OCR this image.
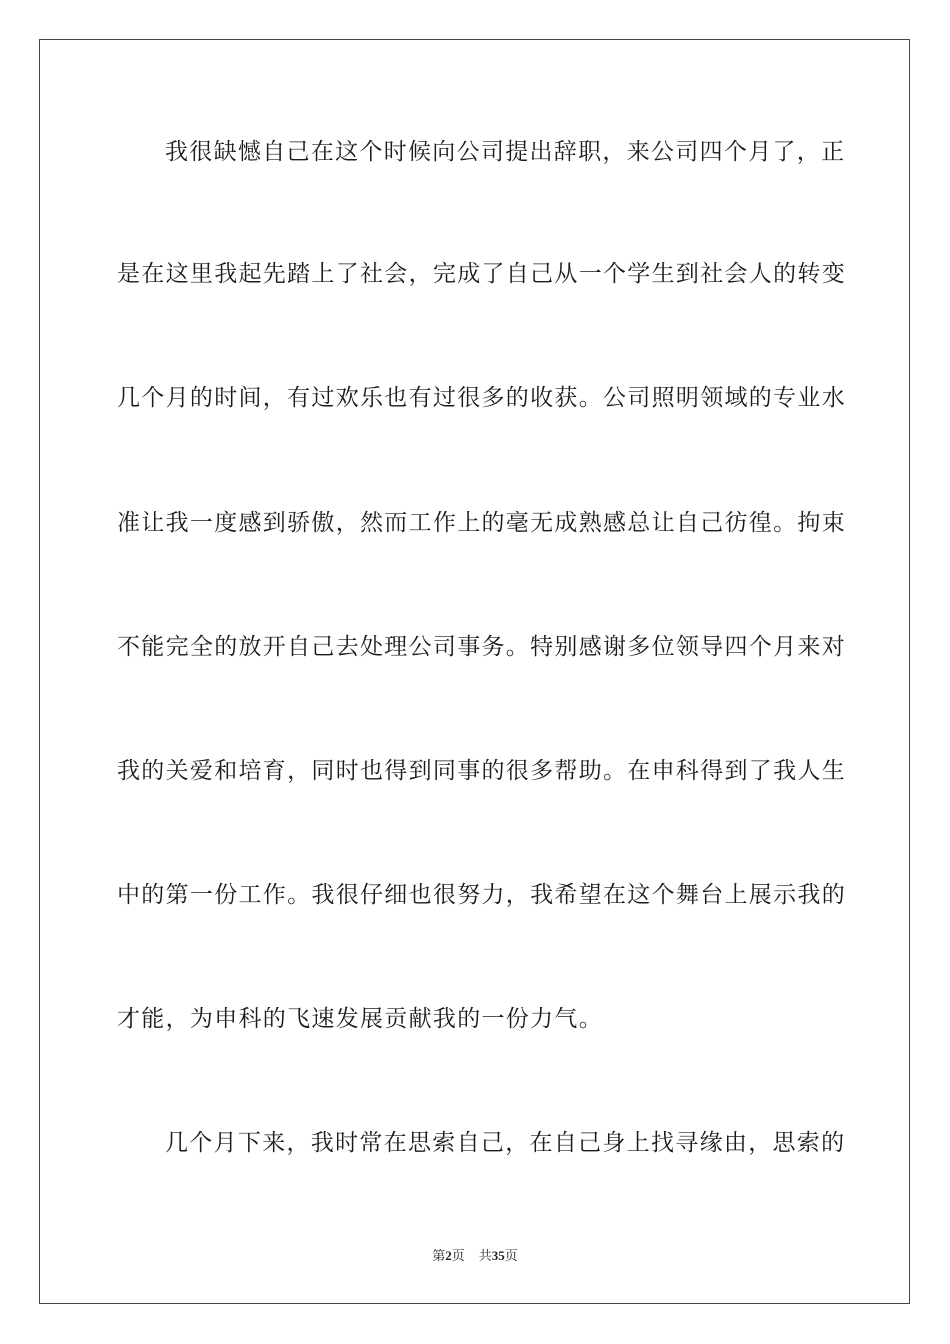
我很缺憾自己在这个时候向公司提出辞职，来公司四个月了，正
是在这里我起先踏上了社会，完成了自己从一个学生到社会人的转变
几个月的时间，有过欢乐也有过很多的收获。公司照明领域的专业水
准让我一度感到骄傲，然而工作上的毫无成熟感总让自己彷徨。拘束
不能完全的放开自己去处理公司事务。特别感谢多位领导四个月来对
我的关爱和培育，同时也得到同事的很多帮助。在申科得到了我人生
中的第一份工作。我很仔细也很努力，我希望在这个舞台上展示我的
才能，为申科的飞速发展贡献我的一份力气。
几个月下来，我时常在思索自己，在自己身上找寻缘由，思索的
第2页 共35页
